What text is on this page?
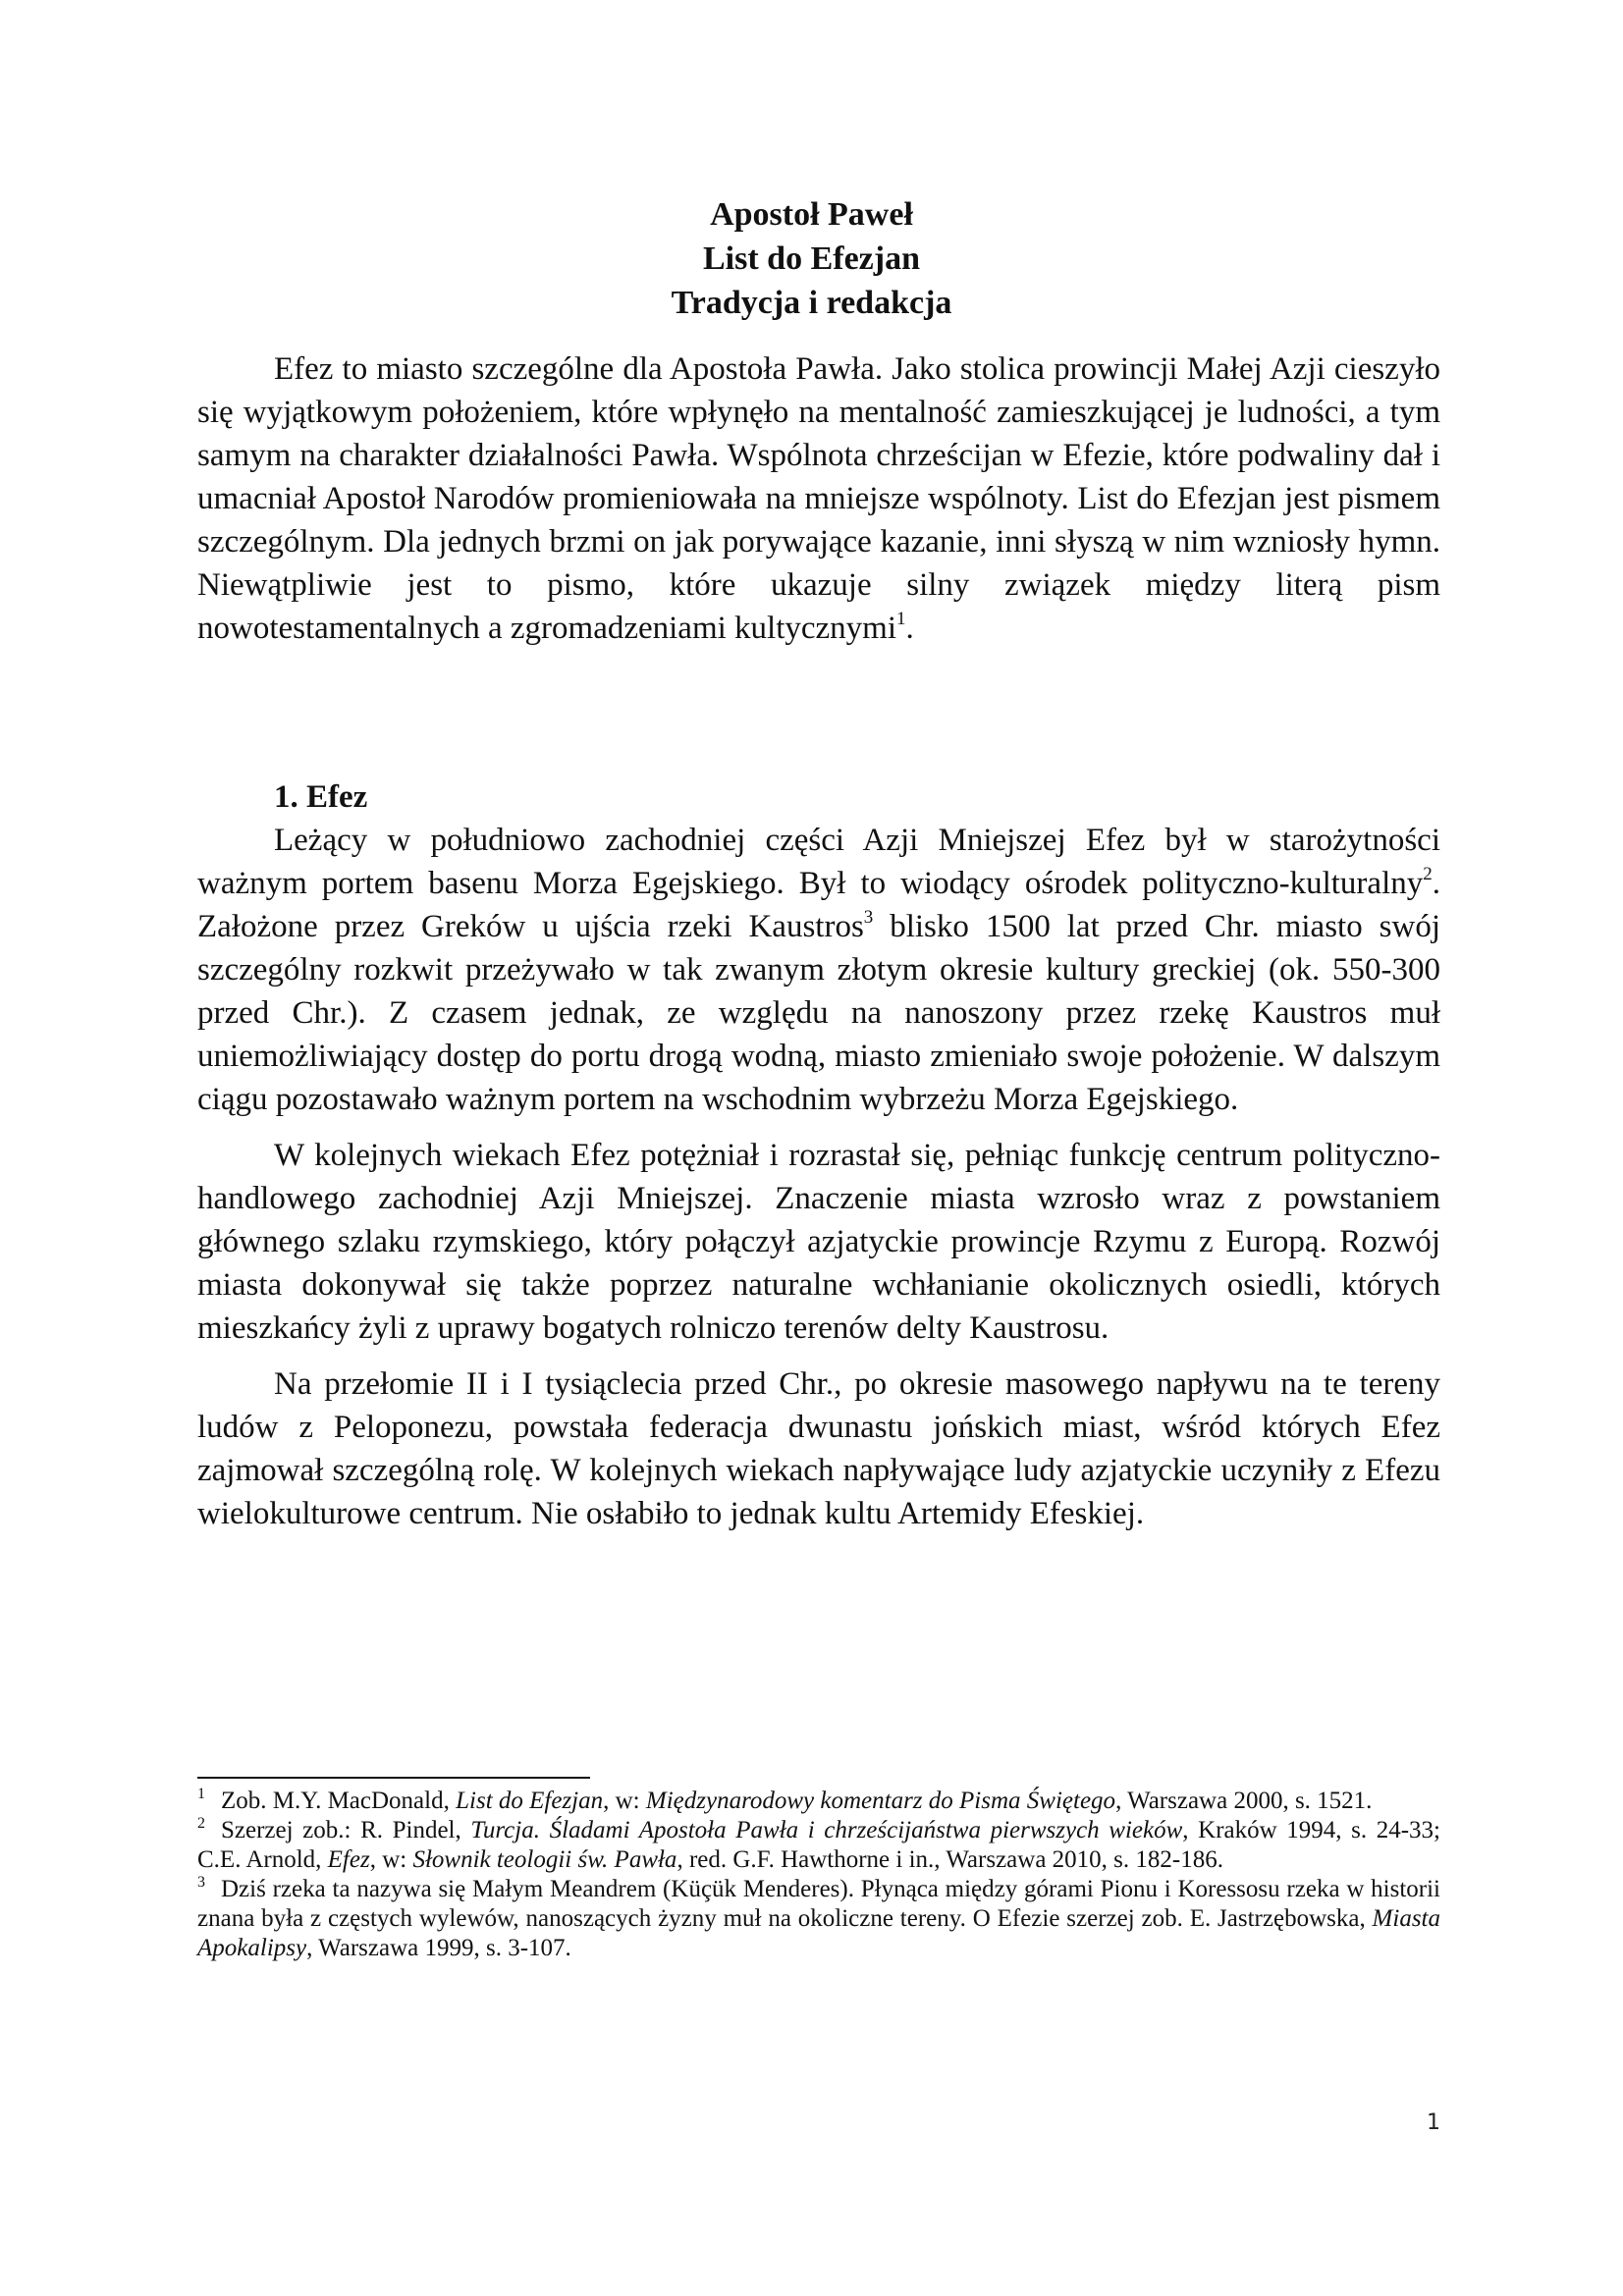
Apostoł Paweł
List do Efezjan
Tradycja i redakcja

Efez to miasto szczególne dla Apostoła Pawła. Jako stolica prowincji Małej Azji cieszyło się wyjątkowym położeniem, które wpłynęło na mentalność zamieszkującej je ludności, a tym samym na charakter działalności Pawła. Wspólnota chrześcijan w Efezie, które podwaliny dał i umacniał Apostoł Narodów promieniowała na mniejsze wspólnoty. List do Efezjan jest pismem szczególnym. Dla jednych brzmi on jak porywające kazanie, inni słyszą w nim wzniosły hymn. Niewątpliwie jest to pismo, które ukazuje silny związek między literą pism nowotestamentalnych a zgromadzeniami kultycznymi$^1$.

1. Efez

Leżący w południowo zachodniej części Azji Mniejszej Efez był w starożytności ważnym portem basenu Morza Egejskiego. Był to wiodący ośrodek polityczno-kulturalny$^2$. Założone przez Greków u ujścia rzeki Kaustros$^3$ blisko 1500 lat przed Chr. miasto swój szczególny rozkwit przeżywało w tak zwanym złotym okresie kultury greckiej (ok. 550-300 przed Chr.). Z czasem jednak, ze względu na nanoszony przez rzekę Kaustros muł uniemożliwiający dostęp do portu drogą wodną, miasto zmieniało swoje położenie. W dalszym ciągu pozostawało ważnym portem na wschodnim wybrzeżu Morza Egejskiego.

W kolejnych wiekach Efez potężniał i rozrastał się, pełniąc funkcję centrum polityczno-handlowego zachodniej Azji Mniejszej. Znaczenie miasta wzrosło wraz z powstaniem głównego szlaku rzymskiego, który połączył azjatyckie prowincje Rzymu z Europą. Rozwój miasta dokonywał się także poprzez naturalne wchłanianie okolicznych osiedli, których mieszkańcy żyli z uprawy bogatych rolniczo terenów delty Kaustrosu.

Na przełomie II i I tysiąclecia przed Chr., po okresie masowego napływu na te tereny ludów z Peloponezu, powstała federacja dwunastu jońskich miast, wśród których Efez zajmował szczególną rolę. W kolejnych wiekach napływające ludy azjatyckie uczyniły z Efezu wielokulturowe centrum. Nie osłabiło to jednak kultu Artemidy Efeskiej.

$^1$ Zob. M.Y. MacDonald, List do Efezjan, w: Międzynarodowy komentarz do Pisma Świętego, Warszawa 2000, s. 1521.

$^2$ Szerzej zob.: R. Pindel, Turcja. Śladami Apostoła Pawła i chrześcijaństwa pierwszych wieków, Kraków 1994, s. 24-33; C.E. Arnold, Efez, w: Słownik teologii św. Pawła, red. G.F. Hawthorne i in., Warszawa 2010, s. 182-186.

$^3$ Dziś rzeka ta nazywa się Małym Meandrem (Küçük Menderes). Płynąca między górami Pionu i Koressosu rzeka w historii znana była z częstych wylewów, nanoszących żyzny muł na okoliczne tereny. O Efezie szerzej zob. E. Jastrzębowska, Miasta Apokalipsy, Warszawa 1999, s. 3-107.

1
